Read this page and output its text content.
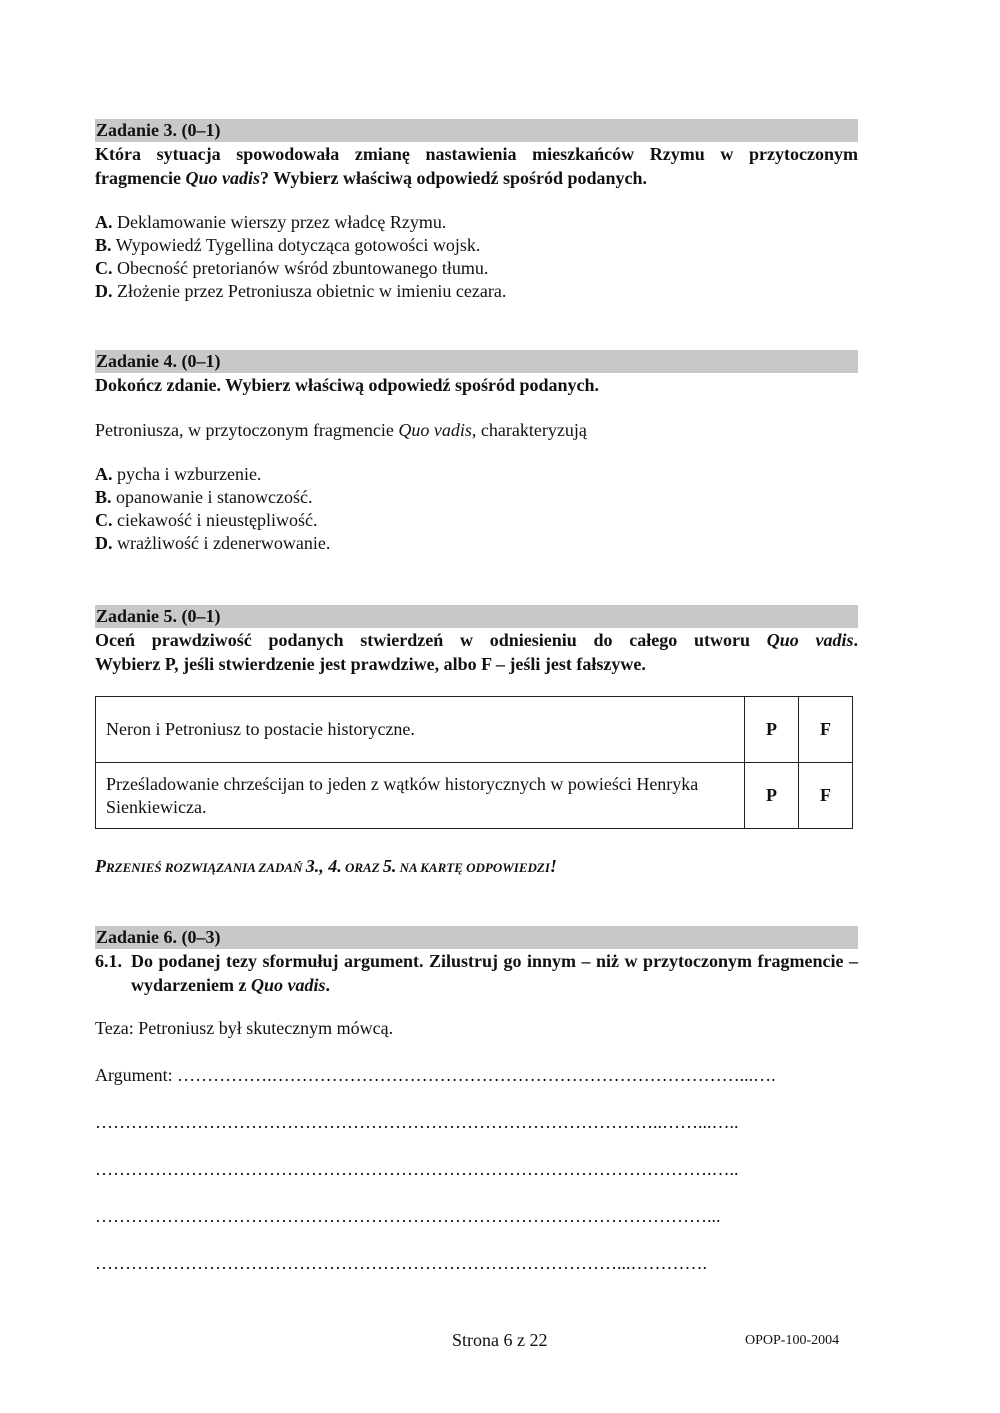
Zadanie 3. (0–1)
Która sytuacja spowodowała zmianę nastawienia mieszkańców Rzymu w przytoczonym
fragmencie Quo vadis? Wybierz właściwą odpowiedź spośród podanych.
A. Deklamowanie wierszy przez władcę Rzymu.
B. Wypowiedź Tygellina dotycząca gotowości wojsk.
C. Obecność pretorianów wśród zbuntowanego tłumu.
D. Złożenie przez Petroniusza obietnic w imieniu cezara.
Zadanie 4. (0–1)
Dokończ zdanie. Wybierz właściwą odpowiedź spośród podanych.
Petroniusza, w przytoczonym fragmencie Quo vadis, charakteryzują
A. pycha i wzburzenie.
B. opanowanie i stanowczość.
C. ciekawość i nieustępliwość.
D. wrażliwość i zdenerwowanie.
Zadanie 5. (0–1)
Oceń prawdziwość podanych stwierdzeń w odniesieniu do całego utworu Quo vadis.
Wybierz P, jeśli stwierdzenie jest prawdziwe, albo F – jeśli jest fałszywe.
Neron i Petroniusz to postacie historyczne.	P	F
Prześladowanie chrześcijan to jeden z wątków historycznych w powieści Henryka Sienkiewicza.	P	F
PRZENIEŚ ROZWIĄZANIA ZADAŃ 3., 4. ORAZ 5. NA KARTĘ ODPOWIEDZI!
Zadanie 6. (0–3)
6.1. Do podanej tezy sformułuj argument. Zilustruj go innym – niż w przytoczonym fragmencie – wydarzeniem z Quo vadis.
Teza: Petroniusz był skutecznym mówcą.
Argument: …………….……………………………………………………………………...….
…………………………………………………………………………………..……...…..
………………………………………………………………………………………….…..
…………………………………………………………………………………………...
……………………………………………………………………………...………….
Strona 6 z 22	OPOP-100-2004
